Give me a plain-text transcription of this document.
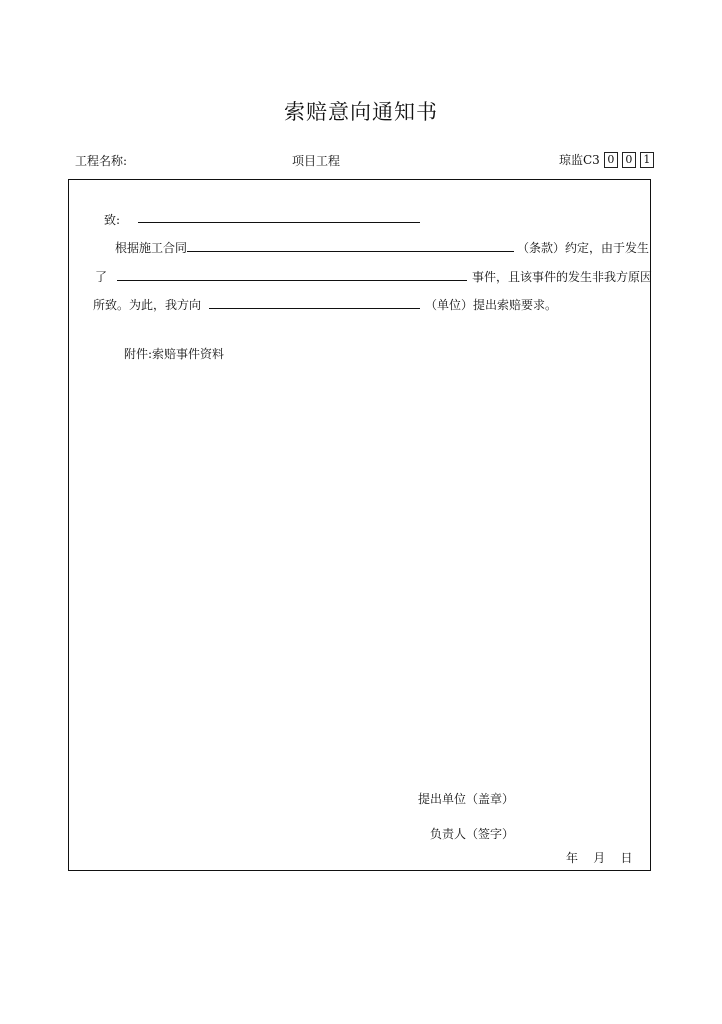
索赔意向通知书
工程名称:	项目工程	琼监C3 0	0	1
致:
根据施工合同	（条款）约定，由于发生
了	事件，且该事件的发生非我方原因
所致。为此，我方向	（单位）提出索赔要求。
附件:索赔事件资料
提出单位（盖章）
负责人（签字）
年    月    日
